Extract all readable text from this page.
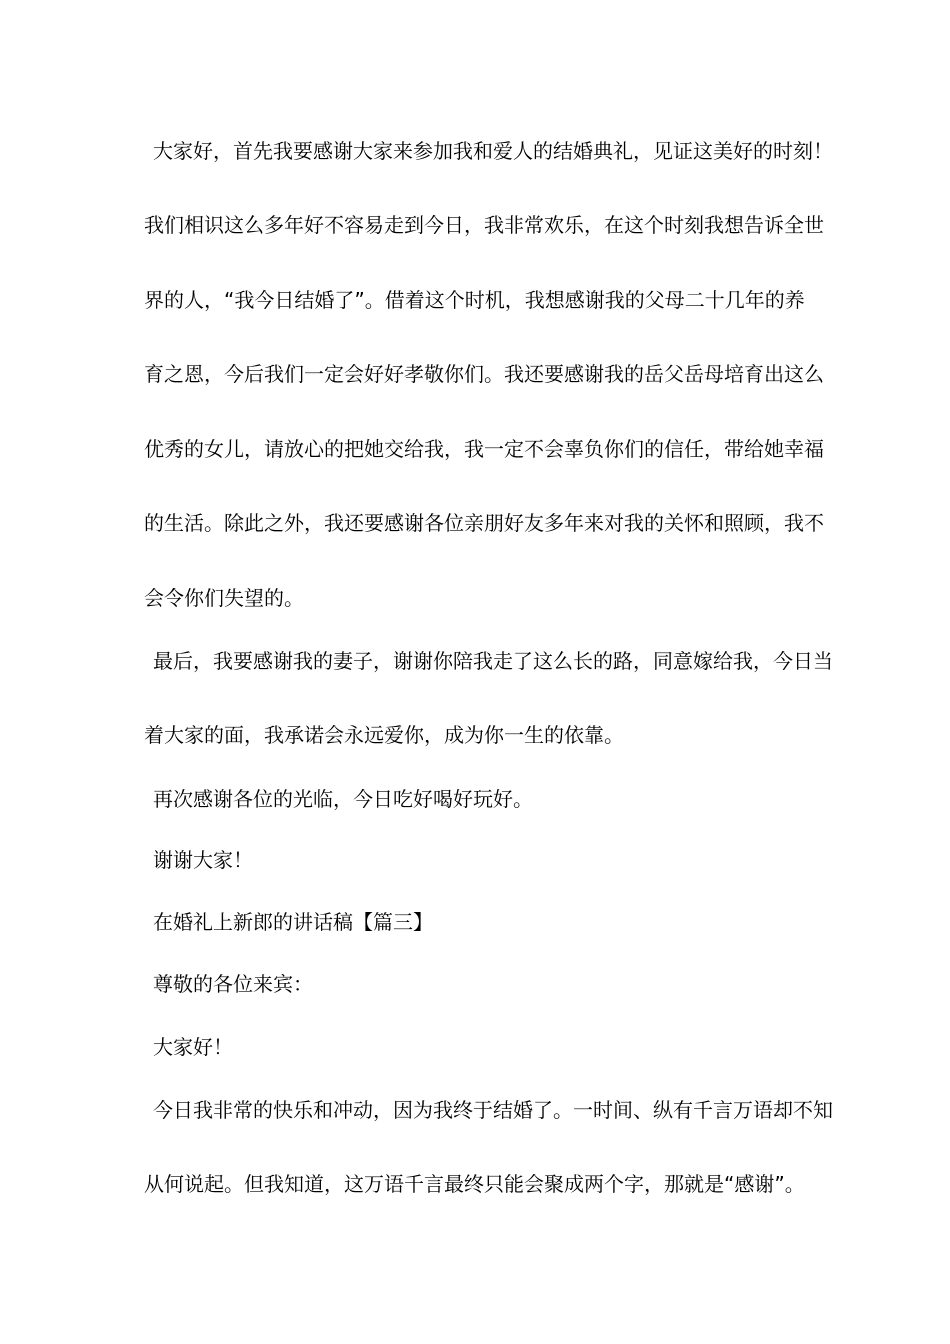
大家好，首先我要感谢大家来参加我和爱人的结婚典礼，见证这美好的时刻！
我们相识这么多年好不容易走到今日，我非常欢乐，在这个时刻我想告诉全世
界的人，“我今日结婚了”。借着这个时机，我想感谢我的父母二十几年的养
育之恩，今后我们一定会好好孝敬你们。我还要感谢我的岳父岳母培育出这么
优秀的女儿，请放心的把她交给我，我一定不会辜负你们的信任，带给她幸福
的生活。除此之外，我还要感谢各位亲朋好友多年来对我的关怀和照顾，我不
会令你们失望的。
最后，我要感谢我的妻子，谢谢你陪我走了这么长的路，同意嫁给我，今日当
着大家的面，我承诺会永远爱你，成为你一生的依靠。
再次感谢各位的光临，今日吃好喝好玩好。
谢谢大家！
在婚礼上新郎的讲话稿【篇三】
尊敬的各位来宾：
大家好！
今日我非常的快乐和冲动，因为我终于结婚了。一时间、纵有千言万语却不知
从何说起。但我知道，这万语千言最终只能会聚成两个字，那就是“感谢”。
